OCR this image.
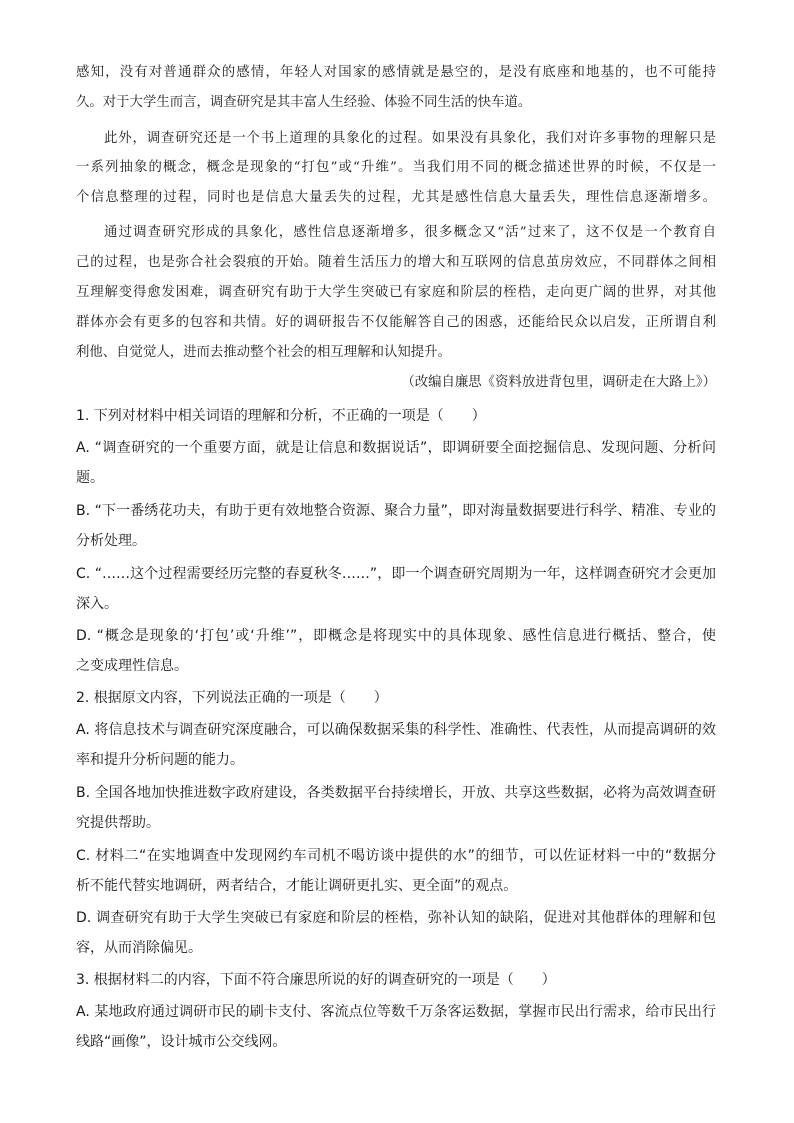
感知，没有对普通群众的感情，年轻人对国家的感情就是悬空的，是没有底座和地基的，也不可能持
久。对于大学生而言，调查研究是其丰富人生经验、体验不同生活的快车道。
此外，调查研究还是一个书上道理的具象化的过程。如果没有具象化，我们对许多事物的理解只是
一系列抽象的概念，概念是现象的“打包”或“升维”。当我们用不同的概念描述世界的时候，不仅是一
个信息整理的过程，同时也是信息大量丢失的过程，尤其是感性信息大量丢失，理性信息逐渐增多。
通过调查研究形成的具象化，感性信息逐渐增多，很多概念又“活”过来了，这不仅是一个教育自
己的过程，也是弥合社会裂痕的开始。随着生活压力的增大和互联网的信息茧房效应，不同群体之间相
互理解变得愈发困难，调查研究有助于大学生突破已有家庭和阶层的桎梏，走向更广阔的世界，对其他
群体亦会有更多的包容和共情。好的调研报告不仅能解答自己的困惑，还能给民众以启发，正所谓自利
利他、自觉觉人，进而去推动整个社会的相互理解和认知提升。
（改编自廉思《资料放进背包里，调研走在大路上》）
1. 下列对材料中相关词语的理解和分析，不正确的一项是（　　）
A. “调查研究的一个重要方面，就是让信息和数据说话”，即调研要全面挖掘信息、发现问题、分析问
题。
B. “下一番绣花功夫，有助于更有效地整合资源、聚合力量”，即对海量数据要进行科学、精准、专业的
分析处理。
C. “……这个过程需要经历完整的春夏秋冬……”，即一个调查研究周期为一年，这样调查研究才会更加
深入。
D. “概念是现象的‘打包’或‘升维’”，即概念是将现实中的具体现象、感性信息进行概括、整合，使
之变成理性信息。
2. 根据原文内容，下列说法正确的一项是（　　）
A. 将信息技术与调查研究深度融合，可以确保数据采集的科学性、准确性、代表性，从而提高调研的效
率和提升分析问题的能力。
B. 全国各地加快推进数字政府建设，各类数据平台持续增长，开放、共享这些数据，必将为高效调查研
究提供帮助。
C. 材料二“在实地调查中发现网约车司机不喝访谈中提供的水”的细节，可以佐证材料一中的“数据分
析不能代替实地调研，两者结合，才能让调研更扎实、更全面”的观点。
D. 调查研究有助于大学生突破已有家庭和阶层的桎梏，弥补认知的缺陷，促进对其他群体的理解和包
容，从而消除偏见。
3. 根据材料二的内容，下面不符合廉思所说的好的调查研究的一项是（　　）
A. 某地政府通过调研市民的刷卡支付、客流点位等数千万条客运数据，掌握市民出行需求，给市民出行
线路“画像”，设计城市公交线网。
